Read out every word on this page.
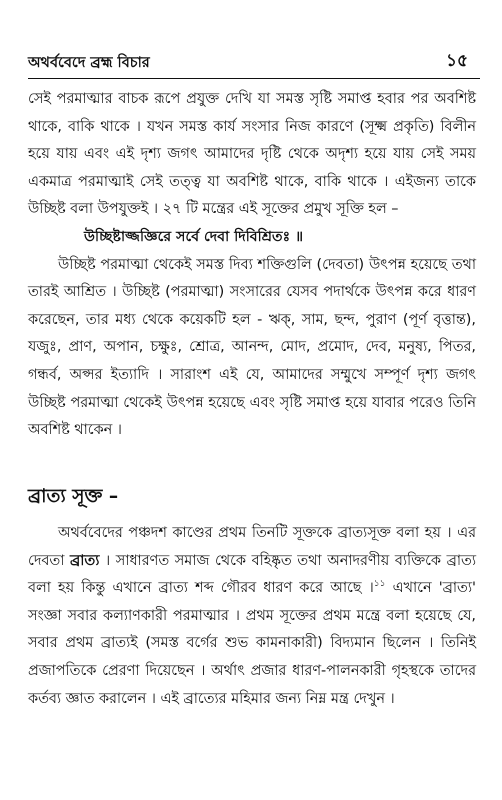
অথর্ববেদে ব্রহ্ম বিচার	১৫

সেই পরমাত্মার বাচক রূপে প্রযুক্ত দেখি যা সমস্ত সৃষ্টি সমাপ্ত হবার পর অবশিষ্ট থাকে, বাকি থাকে । যখন সমস্ত কার্য সংসার নিজ কারণে (সূক্ষ্ম প্রকৃতি) বিলীন হয়ে যায় এবং এই দৃশ্য জগৎ আমাদের দৃষ্টি থেকে অদৃশ্য হয়ে যায় সেই সময় একমাত্র পরমাত্মাই সেই তত্ত্ব যা অবশিষ্ট থাকে, বাকি থাকে । এইজন্য তাকে উচ্ছিষ্ট বলা উপযুক্তই । ২৭ টি মন্ত্রের এই সূক্তের প্রমুখ সূক্তি হল –

উচ্ছিষ্টাজ্জজ্ঞিরে সর্বে দেবা দিবিশ্রিতঃ ॥

উচ্ছিষ্ট পরমাত্মা থেকেই সমস্ত দিব্য শক্তিগুলি (দেবতা) উৎপন্ন হয়েছে তথা তারই আশ্রিত । উচ্ছিষ্ট (পরমাত্মা) সংসারের যেসব পদার্থকে উৎপন্ন করে ধারণ করেছেন, তার মধ্য থেকে কয়েকটি হল - ঋক্‌, সাম, ছন্দ, পুরাণ (পূর্ণ বৃত্তান্ত), যজুঃ, প্রাণ, অপান, চক্ষুঃ, শ্রোত্র, আনন্দ, মোদ, প্রমোদ, দেব, মনুষ্য, পিতর, গন্ধর্ব, অপ্সর ইত্যাদি । সারাংশ এই যে, আমাদের সম্মুখে সম্পূর্ণ দৃশ্য জগৎ উচ্ছিষ্ট পরমাত্মা থেকেই উৎপন্ন হয়েছে এবং সৃষ্টি সমাপ্ত হয়ে যাবার পরেও তিনি অবশিষ্ট থাকেন ।

ব্রাত্য সূক্ত –

অথর্ববেদের পঞ্চদশ কাণ্ডের প্রথম তিনটি সূক্তকে ব্রাত্যসূক্ত বলা হয় । এর দেবতা ব্রাত্য । সাধারণত সমাজ থেকে বহিষ্কৃত তথা অনাদরণীয় ব্যক্তিকে ব্রাত্য বলা হয় কিন্তু এখানে ব্রাত্য শব্দ গৌরব ধারণ করে আছে ।$^{১১}$ এখানে 'ব্রাত্য' সংজ্ঞা সবার কল্যাণকারী পরমাত্মার । প্রথম সূক্তের প্রথম মন্ত্রে বলা হয়েছে যে, সবার প্রথম ব্রাত্যই (সমস্ত বর্গের শুভ কামনাকারী) বিদ্যমান ছিলেন । তিনিই প্রজাপতিকে প্রেরণা দিয়েছেন । অর্থাৎ প্রজার ধারণ-পালনকারী গৃহস্থকে তাদের কর্তব্য জ্ঞাত করালেন । এই ব্রাত্যের মহিমার জন্য নিম্ন মন্ত্র দেখুন ।
